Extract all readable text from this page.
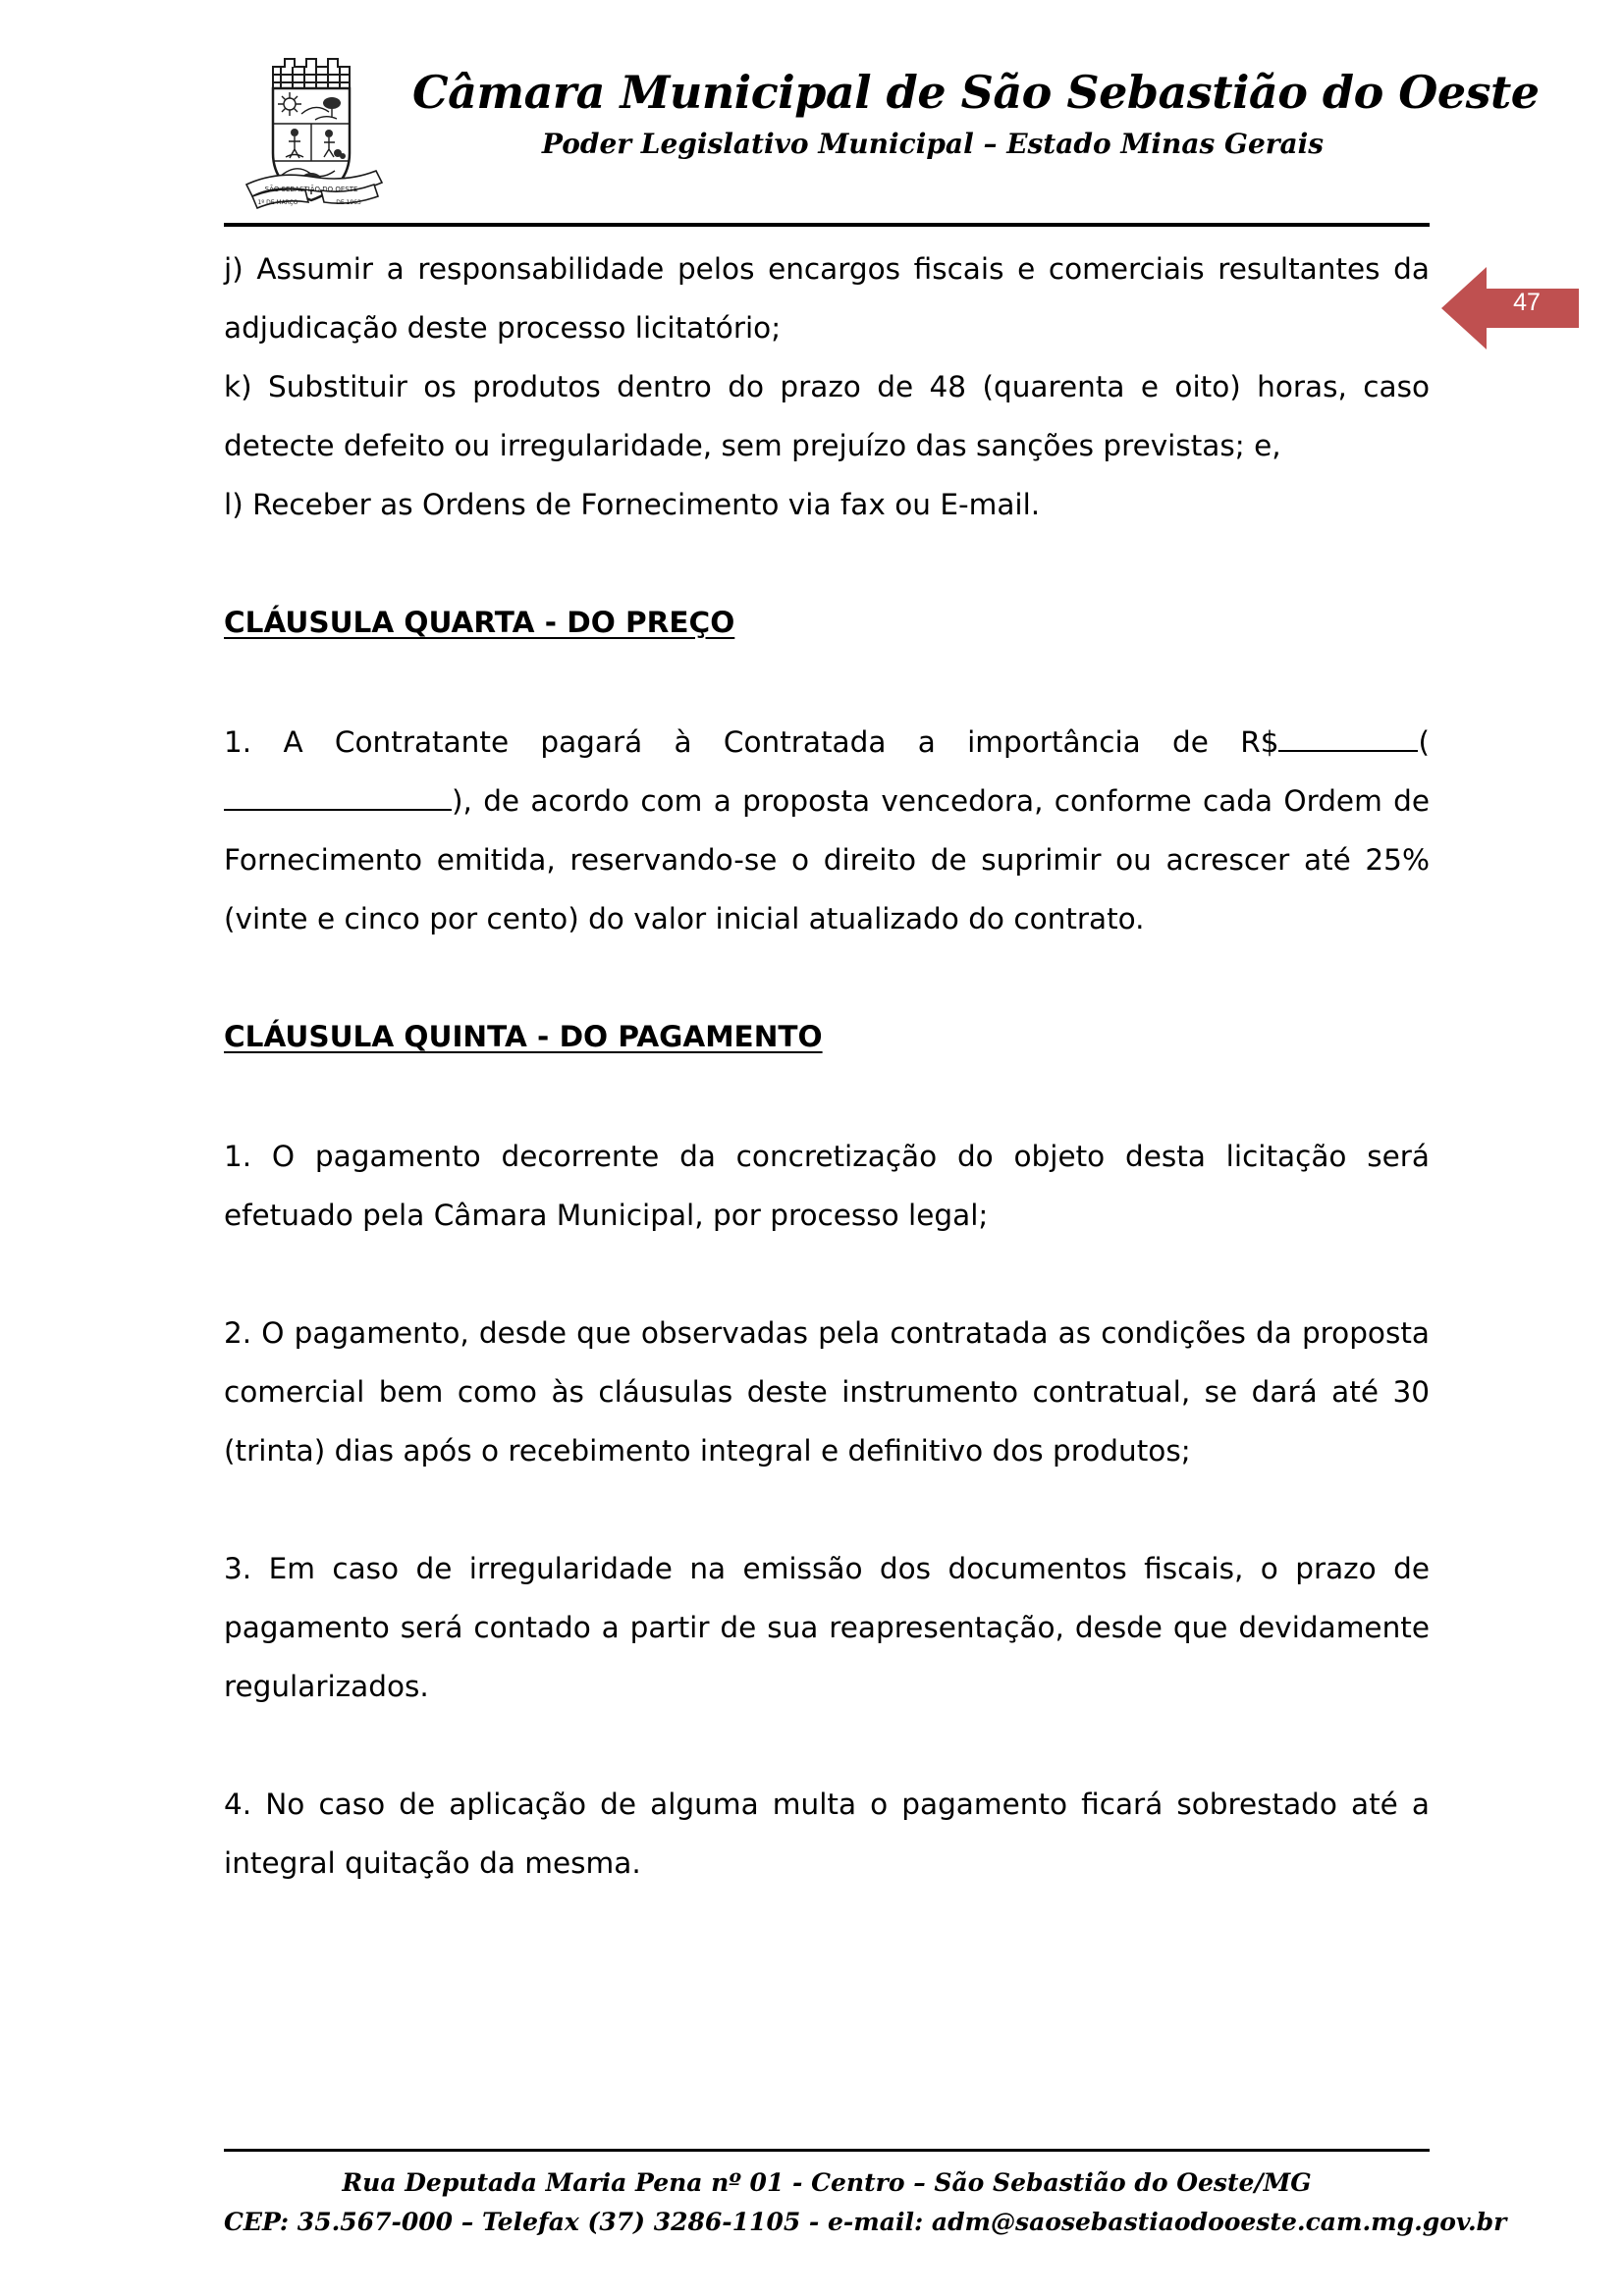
SÃO SEBASTIÃO DO OESTE
1º DE MARÇO	DE 1963
Câmara Municipal de São Sebastião do Oeste
Poder Legislativo Municipal – Estado Minas Gerais
47

j) Assumir a responsabilidade pelos encargos fiscais e comerciais resultantes da adjudicação deste processo licitatório;

k) Substituir os produtos dentro do prazo de 48 (quarenta e oito) horas, caso detecte defeito ou irregularidade, sem prejuízo das sanções previstas; e,

l) Receber as Ordens de Fornecimento via fax ou E-mail.

CLÁUSULA QUARTA - DO PREÇO

1. A Contratante pagará à Contratada a importância de R$	(), de acordo com a proposta vencedora, conforme cada Ordem de Fornecimento emitida, reservando-se o direito de suprimir ou acrescer até 25% (vinte e cinco por cento) do valor inicial atualizado do contrato.

CLÁUSULA QUINTA - DO PAGAMENTO

1. O pagamento decorrente da concretização do objeto desta licitação será efetuado pela Câmara Municipal, por processo legal;

2. O pagamento, desde que observadas pela contratada as condições da proposta comercial bem como às cláusulas deste instrumento contratual, se dará até 30 (trinta) dias após o recebimento integral e definitivo dos produtos;

3. Em caso de irregularidade na emissão dos documentos fiscais, o prazo de pagamento será contado a partir de sua reapresentação, desde que devidamente regularizados.

4. No caso de aplicação de alguma multa o pagamento ficará sobrestado até a integral quitação da mesma.

Rua Deputada Maria Pena nº 01 - Centro – São Sebastião do Oeste/MG
CEP: 35.567-000 – Telefax (37) 3286-1105 - e-mail: adm@saosebastiaodooeste.cam.mg.gov.br
